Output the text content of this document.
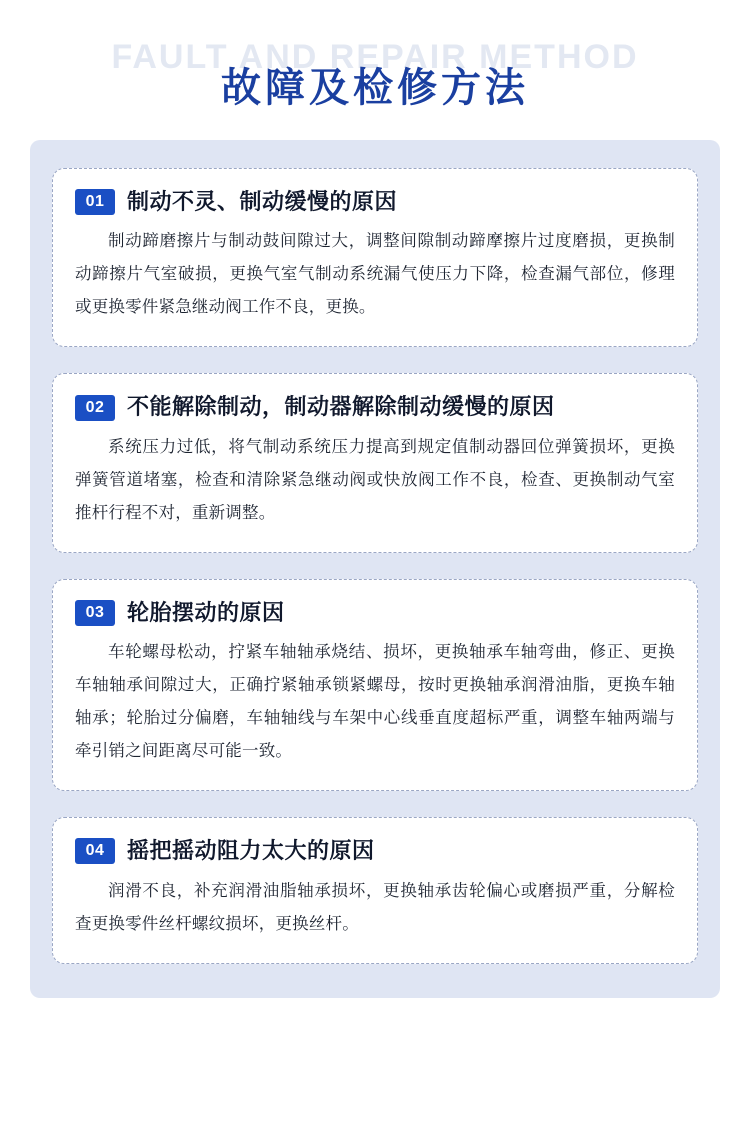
FAULT AND REPAIR METHOD
故障及检修方法
01	制动不灵、制动缓慢的原因
制动蹄磨擦片与制动鼓间隙过大，调整间隙制动蹄摩擦片过度磨损，更换制动蹄擦片气室破损，更换气室气制动系统漏气使压力下降，检查漏气部位，修理或更换零件紧急继动阀工作不良，更换。
02	不能解除制动，制动器解除制动缓慢的原因
系统压力过低，将气制动系统压力提高到规定值制动器回位弹簧损坏，更换弹簧管道堵塞，检查和清除紧急继动阀或快放阀工作不良，检查、更换制动气室推杆行程不对，重新调整。
03	轮胎摆动的原因
车轮螺母松动，拧紧车轴轴承烧结、损坏，更换轴承车轴弯曲，修正、更换车轴轴承间隙过大，正确拧紧轴承锁紧螺母，按时更换轴承润滑油脂，更换车轴轴承；轮胎过分偏磨，车轴轴线与车架中心线垂直度超标严重，调整车轴两端与牵引销之间距离尽可能一致。
04	摇把摇动阻力太大的原因
润滑不良，补充润滑油脂轴承损坏，更换轴承齿轮偏心或磨损严重，分解检查更换零件丝杆螺纹损坏，更换丝杆。
